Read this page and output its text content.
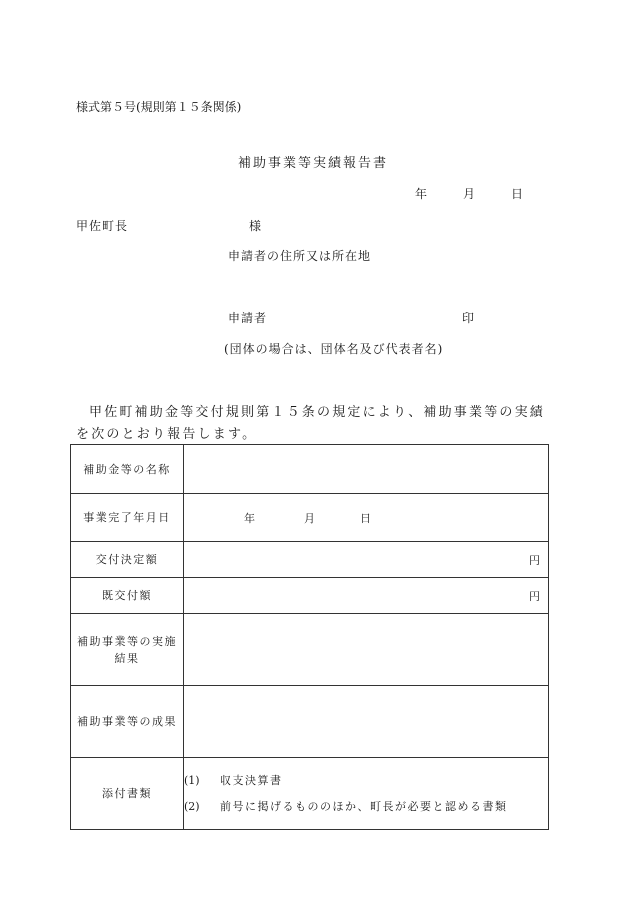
様式第５号(規則第１５条関係)
補助事業等実績報告書
年	月	日
甲佐町長	様
申請者の住所又は所在地
申請者	印
(団体の場合は、団体名及び代表者名)
甲佐町補助金等交付規則第１５条の規定により、補助事業等の実績を次のとおり報告します。
補助金等の名称	
事業完了年月日	年 月 日

交付決定額	円

既交付額	円

補助事業等の実施結果	
補助事業等の成果	
添付書類	(1) 収支決算書
(2) 前号に掲げるもののほか、町長が必要と認める書類
